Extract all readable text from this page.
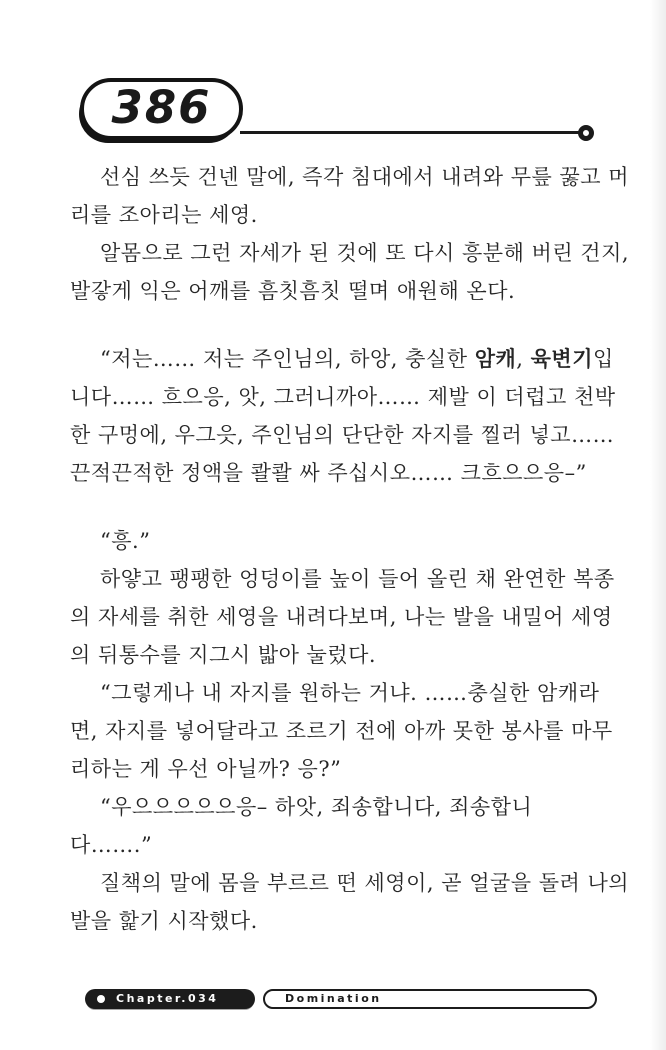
386
선심 쓰듯 건넨 말에, 즉각 침대에서 내려와 무릎 꿇고 머
리를 조아리는 세영.
알몸으로 그런 자세가 된 것에 또 다시 흥분해 버린 건지,
발갛게 익은 어깨를 흠칫흠칫 떨며 애원해 온다.
“저는…… 저는 주인님의, 하앙, 충실한 암캐, 육변기입
니다…… 흐으응, 앗, 그러니까아…… 제발 이 더럽고 천박
한 구멍에, 우그읏, 주인님의 단단한 자지를 찔러 넣고……
끈적끈적한 정액을 콸콸 싸 주십시오…… 크흐으으응–”
“흥.”
하얗고 팽팽한 엉덩이를 높이 들어 올린 채 완연한 복종
의 자세를 취한 세영을 내려다보며, 나는 발을 내밀어 세영
의 뒤통수를 지그시 밟아 눌렀다.
“그렇게나 내 자지를 원하는 거냐. ……충실한 암캐라
면, 자지를 넣어달라고 조르기 전에 아까 못한 봉사를 마무
리하는 게 우선 아닐까? 응?”
“우으으으으으응– 하앗, 죄송합니다, 죄송합니
다…….”
질책의 말에 몸을 부르르 떤 세영이, 곧 얼굴을 돌려 나의
발을 핥기 시작했다.
Chapter.034	Domination
